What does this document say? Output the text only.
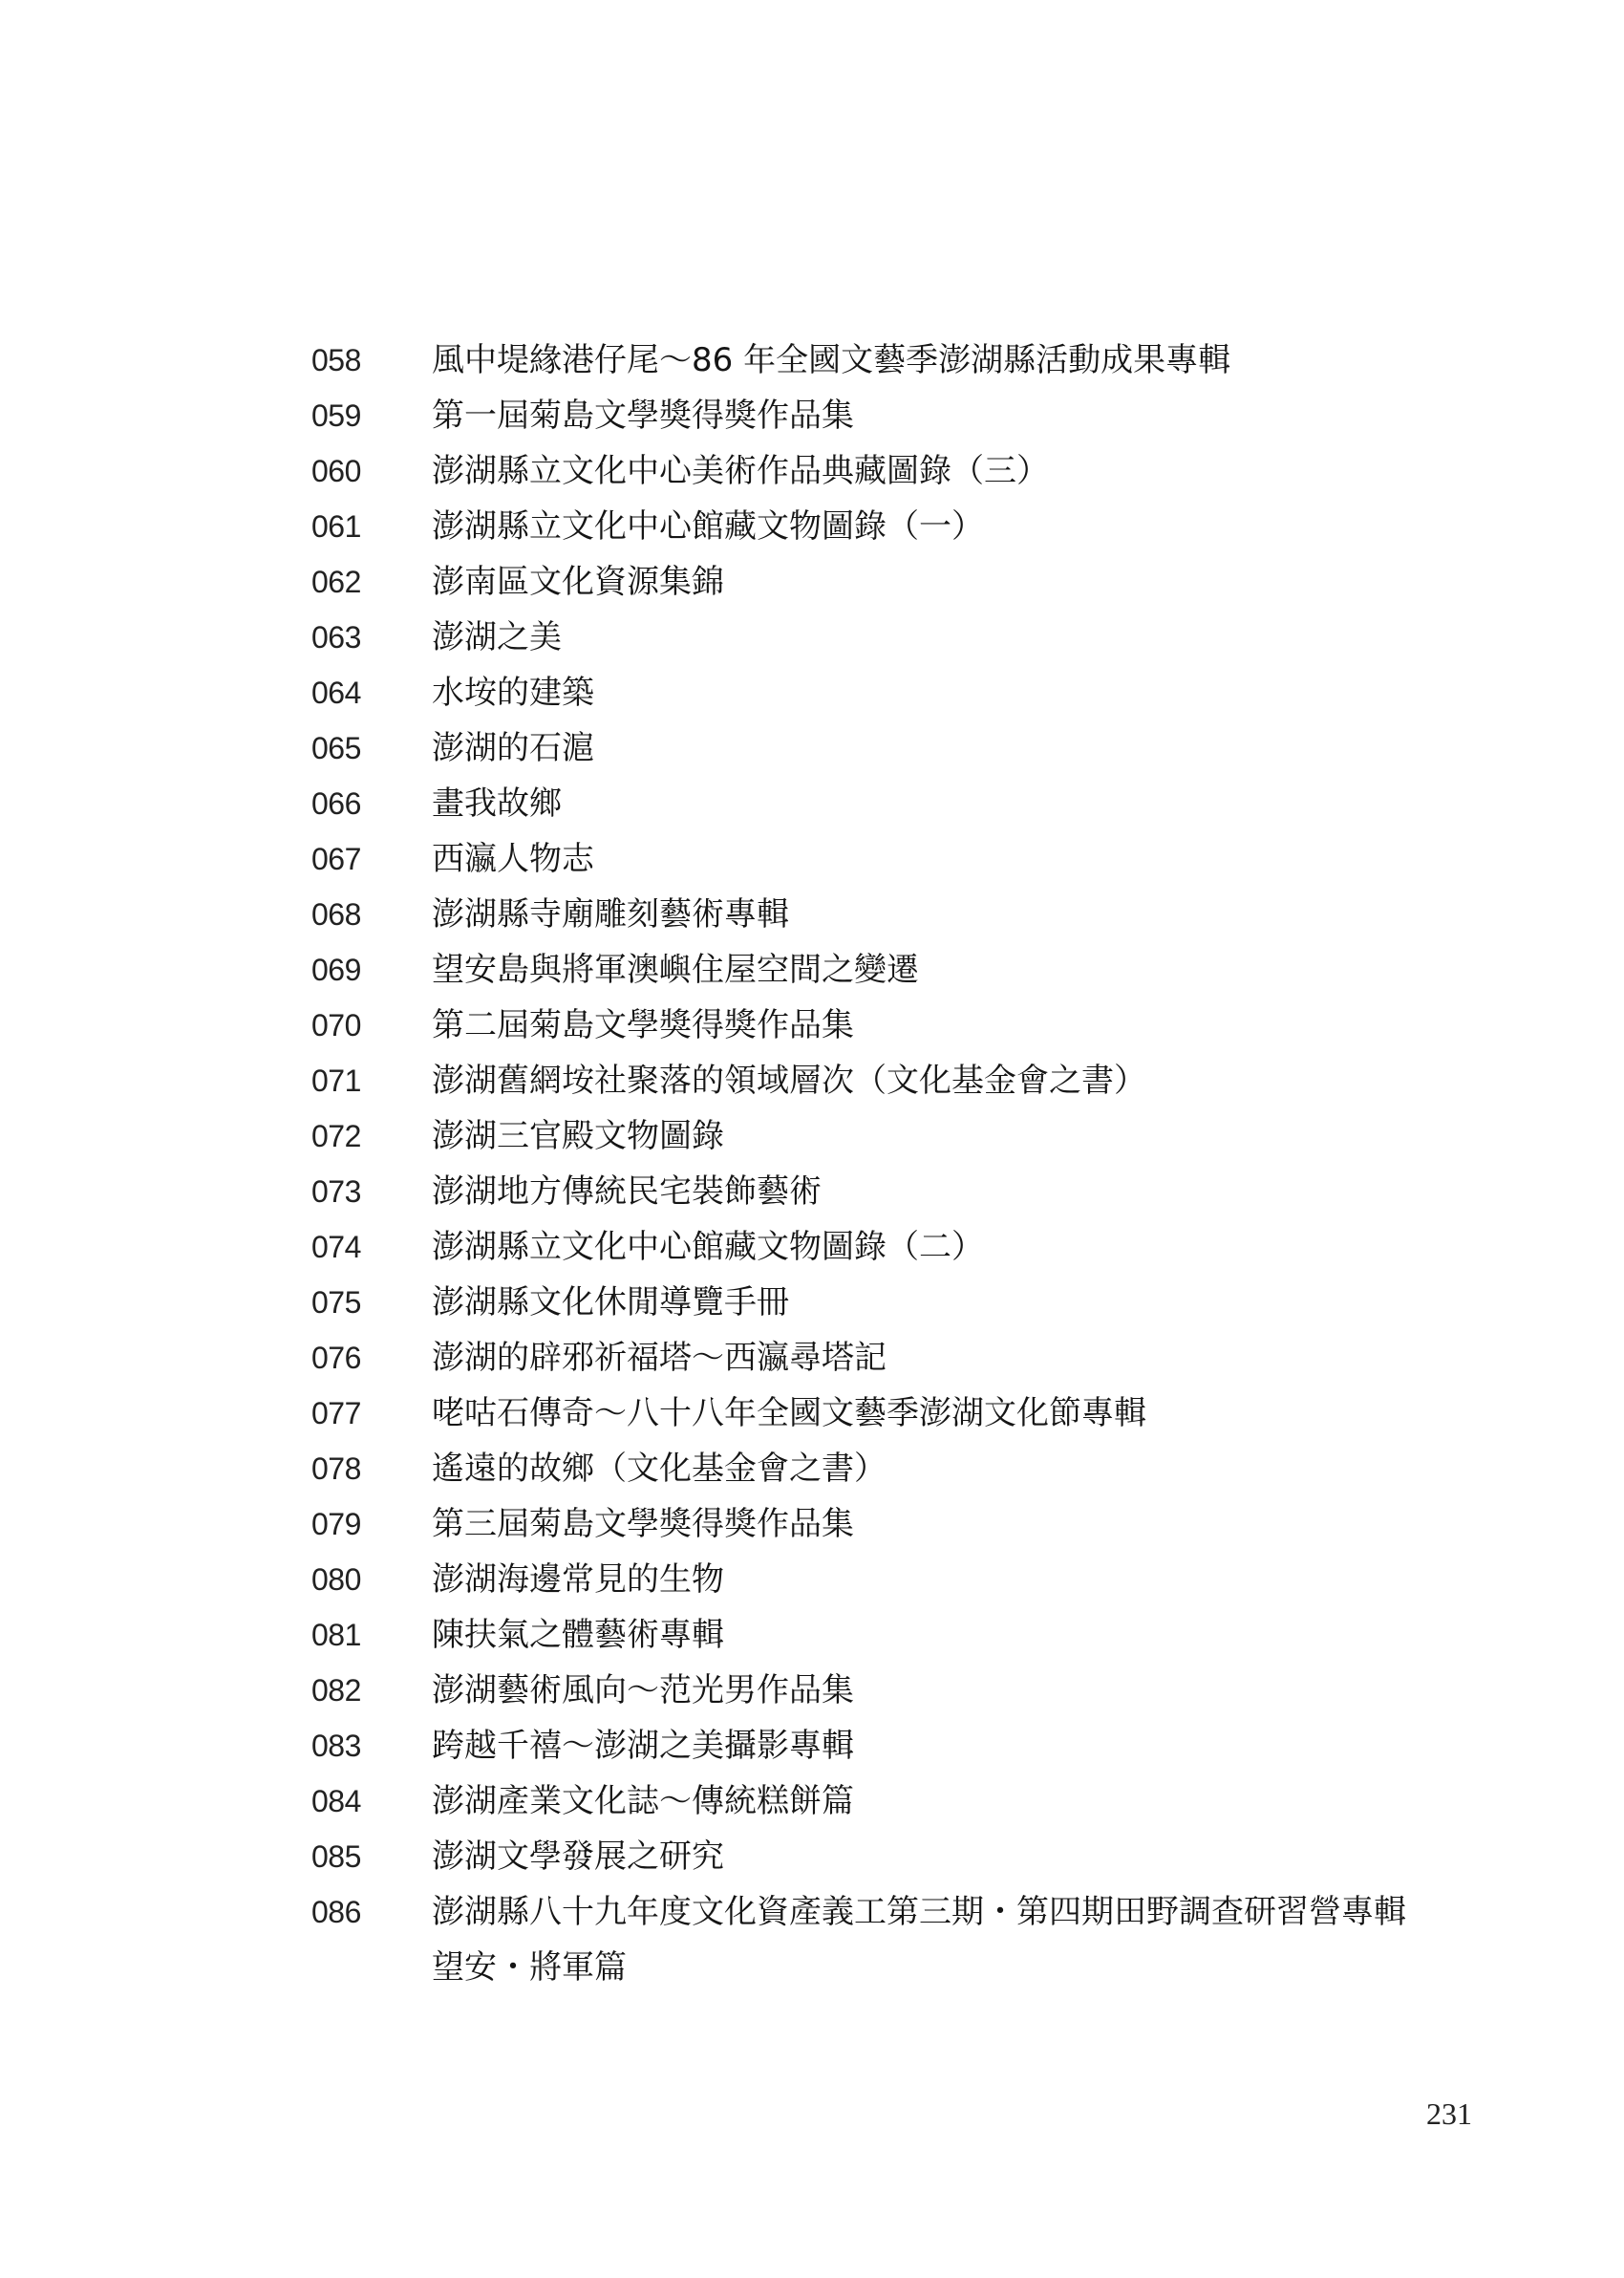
058 風中堤緣港仔尾～86 年全國文藝季澎湖縣活動成果專輯
059 第一屆菊島文學獎得獎作品集
060 澎湖縣立文化中心美術作品典藏圖錄（三）
061 澎湖縣立文化中心館藏文物圖錄（一）
062 澎南區文化資源集錦
063 澎湖之美
064 水垵的建築
065 澎湖的石滬
066 畫我故鄉
067 西瀛人物志
068 澎湖縣寺廟雕刻藝術專輯
069 望安島與將軍澳嶼住屋空間之變遷
070 第二屆菊島文學獎得獎作品集
071 澎湖舊網垵社聚落的領域層次（文化基金會之書）
072 澎湖三官殿文物圖錄
073 澎湖地方傳統民宅裝飾藝術
074 澎湖縣立文化中心館藏文物圖錄（二）
075 澎湖縣文化休閒導覽手冊
076 澎湖的辟邪祈福塔～西瀛尋塔記
077 咾咕石傳奇～八十八年全國文藝季澎湖文化節專輯
078 遙遠的故鄉（文化基金會之書）
079 第三屆菊島文學獎得獎作品集
080 澎湖海邊常見的生物
081 陳扶氣之體藝術專輯
082 澎湖藝術風向～范光男作品集
083 跨越千禧～澎湖之美攝影專輯
084 澎湖產業文化誌～傳統糕餅篇
085 澎湖文學發展之研究
086 澎湖縣八十九年度文化資產義工第三期・第四期田野調查研習營專輯
望安・將軍篇
231
